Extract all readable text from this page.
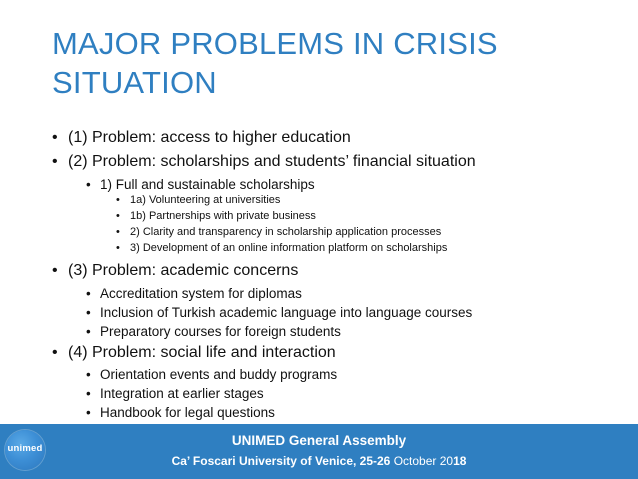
MAJOR PROBLEMS IN CRISIS
SITUATION
• (1) Problem: access to higher education
• (2) Problem: scholarships and students’ financial situation
• 1) Full and sustainable scholarships
• 1a) Volunteering at universities
• 1b) Partnerships with private business
• 2) Clarity and transparency in scholarship application processes
• 3) Development of an online information platform on scholarships
• (3) Problem: academic concerns
• Accreditation system for diplomas
• Inclusion of Turkish academic language into language courses
• Preparatory courses for foreign students
• (4) Problem: social life and interaction
• Orientation events and buddy programs
• Integration at earlier stages
• Handbook for legal questions
unimed
UNIMED General Assembly
Ca’ Foscari University of Venice, 25-26 October 2018
